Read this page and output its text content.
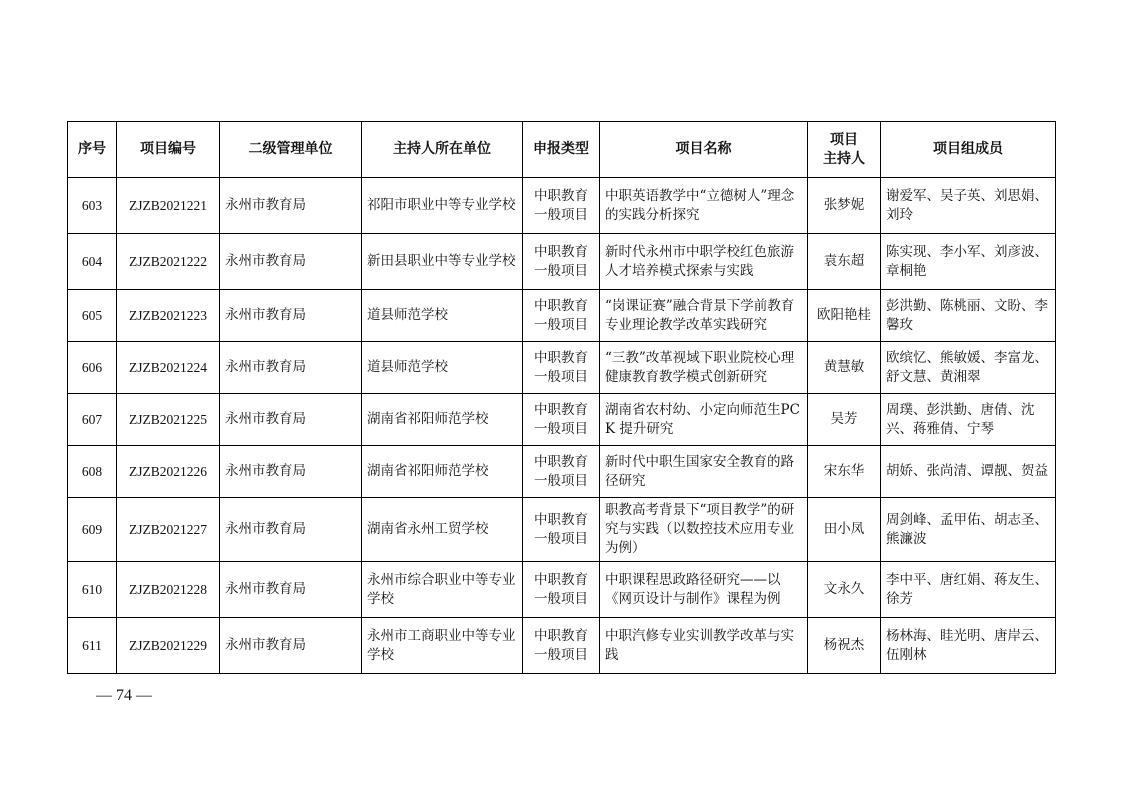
序号	项目编号	二级管理单位	主持人所在单位	申报类型	项目名称	项目
主持人	项目组成员
603	ZJZB2021221	永州市教育局	祁阳市职业中等专业学校	中职教育一般项目	中职英语教学中“立德树人”理念的实践分析探究	张梦妮	谢爱军、吴子英、刘思娟、刘玲
604	ZJZB2021222	永州市教育局	新田县职业中等专业学校	中职教育一般项目	新时代永州市中职学校红色旅游人才培养模式探索与实践	袁东超	陈实现、李小军、刘彦波、章桐艳
605	ZJZB2021223	永州市教育局	道县师范学校	中职教育一般项目	“岗课证赛”融合背景下学前教育专业理论教学改革实践研究	欧阳艳桂	彭洪勤、陈桃丽、文盼、李馨玫
606	ZJZB2021224	永州市教育局	道县师范学校	中职教育一般项目	“三教”改革视域下职业院校心理健康教育教学模式创新研究	黄慧敏	欧缤忆、熊敏媛、李富龙、舒文慧、黄湘翠
607	ZJZB2021225	永州市教育局	湖南省祁阳师范学校	中职教育一般项目	湖南省农村幼、小定向师范生PCK 提升研究	吴芳	周璞、彭洪勤、唐倩、沈兴、蒋雅倩、宁琴
608	ZJZB2021226	永州市教育局	湖南省祁阳师范学校	中职教育一般项目	新时代中职生国家安全教育的路径研究	宋东华	胡娇、张尚清、谭靓、贺益
609	ZJZB2021227	永州市教育局	湖南省永州工贸学校	中职教育一般项目	职教高考背景下“项目教学”的研究与实践（以数控技术应用专业为例）	田小凤	周剑峰、孟甲佑、胡志圣、熊濂波
610	ZJZB2021228	永州市教育局	永州市综合职业中等专业学校	中职教育一般项目	中职课程思政路径研究——以《网页设计与制作》课程为例	文永久	李中平、唐红娟、蒋友生、徐芳
611	ZJZB2021229	永州市教育局	永州市工商职业中等专业学校	中职教育一般项目	中职汽修专业实训教学改革与实践	杨祝杰	杨林海、眭光明、唐岸云、伍刚林
— 74 —
